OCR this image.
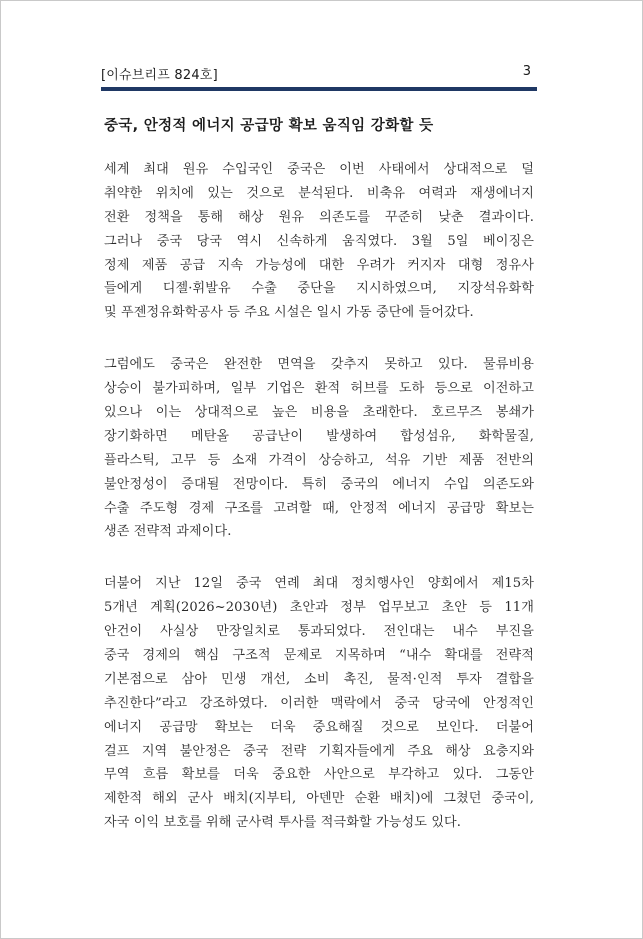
[이슈브리프 824호]	3
중국, 안정적 에너지 공급망 확보 움직임 강화할 듯
세계 최대 원유 수입국인 중국은 이번 사태에서 상대적으로 덜
취약한 위치에 있는 것으로 분석된다. 비축유 여력과 재생에너지
전환 정책을 통해 해상 원유 의존도를 꾸준히 낮춘 결과이다.
그러나 중국 당국 역시 신속하게 움직였다. 3월 5일 베이징은
정제 제품 공급 지속 가능성에 대한 우려가 커지자 대형 정유사
들에게 디젤·휘발유 수출 중단을 지시하였으며, 지장석유화학
및 푸젠정유화학공사 등 주요 시설은 일시 가동 중단에 들어갔다.
그럼에도 중국은 완전한 면역을 갖추지 못하고 있다. 물류비용
상승이 불가피하며, 일부 기업은 환적 허브를 도하 등으로 이전하고
있으나 이는 상대적으로 높은 비용을 초래한다. 호르무즈 봉쇄가
장기화하면 메탄올 공급난이 발생하여 합성섬유, 화학물질,
플라스틱, 고무 등 소재 가격이 상승하고, 석유 기반 제품 전반의
불안정성이 증대될 전망이다. 특히 중국의 에너지 수입 의존도와
수출 주도형 경제 구조를 고려할 때, 안정적 에너지 공급망 확보는
생존 전략적 과제이다.
더불어 지난 12일 중국 연례 최대 정치행사인 양회에서 제15차
5개년 계획(2026~2030년) 초안과 정부 업무보고 초안 등 11개
안건이 사실상 만장일치로 통과되었다. 전인대는 내수 부진을
중국 경제의 핵심 구조적 문제로 지목하며 “내수 확대를 전략적
기본점으로 삼아 민생 개선, 소비 촉진, 물적·인적 투자 결합을
추진한다”라고 강조하였다. 이러한 맥락에서 중국 당국에 안정적인
에너지 공급망 확보는 더욱 중요해질 것으로 보인다. 더불어
걸프 지역 불안정은 중국 전략 기획자들에게 주요 해상 요충지와
무역 흐름 확보를 더욱 중요한 사안으로 부각하고 있다. 그동안
제한적 해외 군사 배치(지부티, 아덴만 순환 배치)에 그쳤던 중국이,
자국 이익 보호를 위해 군사력 투사를 적극화할 가능성도 있다.
